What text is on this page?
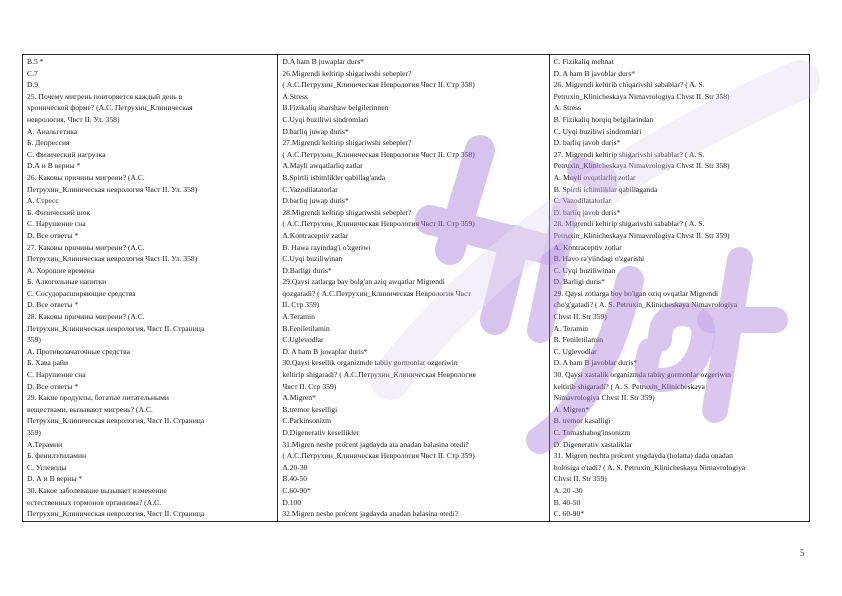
B.5 *
C.7
D.9
25. Почему мигрень повторяется каждый день в
хронической форме? (А.С. Петрухин_Клиническая
неврология, Чвст II. Ул. 358)
А. Анальгетика
Б. Депрессия
С. Физический нагрузка
D.А и В верны *
26. Каковы причины мигрени? (А.С.
Петрухин_Клиническая неврология Чвст II. Ул. 358)
А. Стресс
Б. Физический шок
С. Нарушение сна
D. Все ответы *
27. Каковы причины мигрени? (А.С.
Петрухин_Клиническая неврология Чвст II. Ул. 358)
А. Хорошие времена
Б. Алкогольные напитки
С. Сосудорасширяющие средства
D. Все ответы *
28. Каковы причины мигрени? (А.С.
Петрухин_Клиническая неврология, Чвст II. Страница
359)
А. Противозачаточные средства
Б. Хава райи
С. Нарушение сна
D. Все ответы *
29. Какие продукты, богатые питательными
веществами, вызывают мигрень? (А.С.
Петрухин_Клиническая неврология, Чвст II. Страница
359)
А.Терамин
Б. фенилэтиламин
С. Углеводы
D. А и В верны *
30. Какое заболевание вызывает изменение
естественных гормонов организма? (А.С.
Петрухин_Клиническая неврология, Чвст II. Страница
D.A ham B juwaplar durs*
26.Migrendi keltirip shigariwshi sebepler?
( А.С.Петрухин_Клиническая Неврология Чвст II. Стр 358)
A.Stress
B.Fizikaliq sharshaw belgilerinnen
C.Uyqi buziliwi sindromlari
D.barliq juwap duris*
27.Migrendi keltirip shigariwshi sebepler?
( А.С.Петрухин_Клиническая Неврология Чвст II. Стр 358)
A.Mayli awqatlarliq zatlar
B.Spirtli ishimlikler qabillag'anda
C.Vazodilatatorlar
D.barliq juwap duris*
28.Migrendi keltirip shigariwshi sebepler?
( А.С.Петрухин_Клиническая Неврология Чвст II. Стр 359)
A.Kontraceptiv zatlar
B. Hawa rayindag'i o'zgeriwi
C.Uyqi buziliwinan
D.Barligi duris*
29.Qaysi zatlarga bay bolg'an aziq awqatlar Migrendi
qozgatadi? ( А.С.Петрухин_Клиническая Неврология Чвст
II. Стр 359)
A.Teramin
B.Feniletilamin
C.Uglevodlar
D. A ham B juwaplar duris*
30.Qaysi kesellik organizmde tabiiy gormonlar ozgeriwin
keltirip shigaradi? ( А.С.Петрухин_Клиническая Неврология
Чвст II. Стр 359)
A.Migren*
B.tremor keselligi
C.Parkinsonizm
D.Digenerativ kesellikler
31.Migren neshe pro̊cent jagdayda ata anadan balasina otedi?
( А.С.Петрухин_Клиническая Неврология Чвст II. Стр 359)
A.20-30
B.40-50
C.60-90*
D.100
32.Migren neshe pro̊cent jagdayda anadan balasina otedi?
C. Fizikaliq mehnat
D. A ham B javoblar durs*
26. Migrendi keltirib chiqarivshi sabablar? ( A. S.
Petruxin_Klinicheskaya Nimavrologiya Chvst II. Str 358)
A. Stress
B. Fizikaliq horqiq belgilarindan
C. Uyqi buziliwi sindromlari
D. barliq javob duris*
27. Migrendi keltirip shigarivshi sabablar? ( A. S.
Petruxin_Klinicheskaya Nimavrologiya Chvst II. Str 358)
A. Moyli ovqatlarliq zotlar
B. Spirtli ichimliklar qabillaganda
C. Vazodilatatorlar
D. barliq javob duris*
28. Migrendi keltirip shigarivshi sabablar? ( A. S.
Petruxin_Klinicheskaya Nimavrologiya Chvst II. Str 359)
A. Kontraceptiv zotlar
B. Havo ra'yiindagi o'zgarishi
C. Uyqi buziliwinan
D. Barligi duris*
29. Qaysi zotlarga boy bo'lgan oziq ovqatlar Migrendi
cho'g'gatadi? ( A. S. Petruxin_Klinicheskaya Nimavrologiya
Chvst II. Str 359)
A. Teramin
B. Feniletilamin
C. Uglevodlar
D. A ham B javoblar duris*
30. Qaysi xastalik organizmda tabiiy gormonlar ozgeriwin
keltirib shigaradi? ( A. S. Petruxin_Klinicheskaya
Nimavrologiya Chvst II. Str 359)
A. Migren*
B. tremor kasalligi
C. Tomashabog'insonizm
D. Digenerativ xastaliklar
31. Migren nechta pro̊cent yogdayda (holatta) dada onadan
bolosiga o'tadi? ( A. S. Petruxin_Klinicheskaya Nimavrologiya
Chvst II. Str 359)
A. 20 -30
B. 40-50
C. 60-90*
Hi Jat
5
